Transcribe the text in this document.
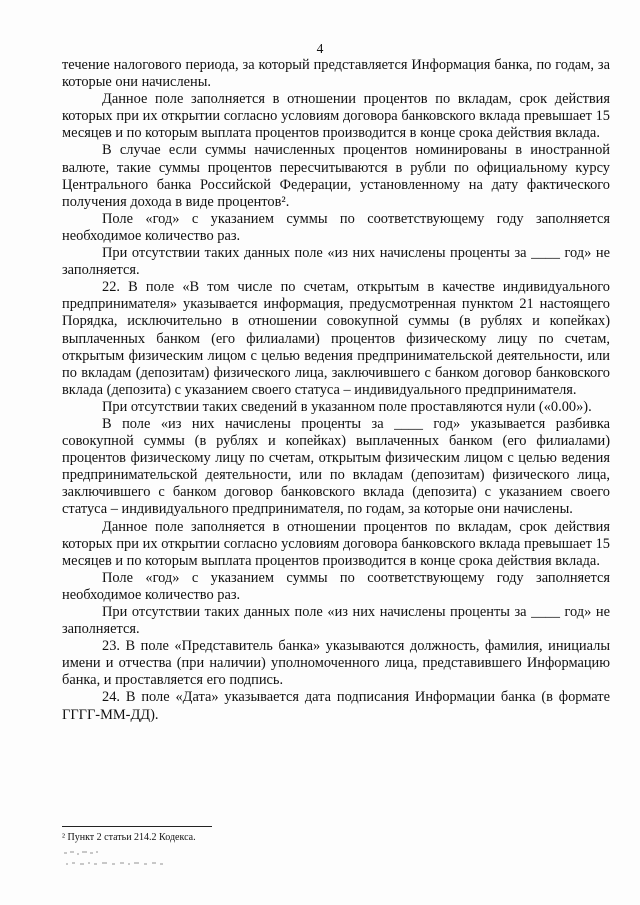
4

течение налогового периода, за который представляется Информация банка, по годам, за которые они начислены.

Данное поле заполняется в отношении процентов по вкладам, срок действия которых при их открытии согласно условиям договора банковского вклада превышает 15 месяцев и по которым выплата процентов производится в конце срока действия вклада.

В случае если суммы начисленных процентов номинированы в иностранной валюте, такие суммы процентов пересчитываются в рубли по официальному курсу Центрального банка Российской Федерации, установленному на дату фактического получения дохода в виде процентов².

Поле «год» с указанием суммы по соответствующему году заполняется необходимое количество раз.

При отсутствии таких данных поле «из них начислены проценты за ____ год» не заполняется.

22. В поле «В том числе по счетам, открытым в качестве индивидуального предпринимателя» указывается информация, предусмотренная пунктом 21 настоящего Порядка, исключительно в отношении совокупной суммы (в рублях и копейках) выплаченных банком (его филиалами) процентов физическому лицу по счетам, открытым физическим лицом с целью ведения предпринимательской деятельности, или по вкладам (депозитам) физического лица, заключившего с банком договор банковского вклада (депозита) с указанием своего статуса – индивидуального предпринимателя.

При отсутствии таких сведений в указанном поле проставляются нули («0.00»).

В поле «из них начислены проценты за ____ год» указывается разбивка совокупной суммы (в рублях и копейках) выплаченных банком (его филиалами) процентов физическому лицу по счетам, открытым физическим лицом с целью ведения предпринимательской деятельности, или по вкладам (депозитам) физического лица, заключившего с банком договор банковского вклада (депозита) с указанием своего статуса – индивидуального предпринимателя, по годам, за которые они начислены.

Данное поле заполняется в отношении процентов по вкладам, срок действия которых при их открытии согласно условиям договора банковского вклада превышает 15 месяцев и по которым выплата процентов производится в конце срока действия вклада.

Поле «год» с указанием суммы по соответствующему году заполняется необходимое количество раз.

При отсутствии таких данных поле «из них начислены проценты за ____ год» не заполняется.

23. В поле «Представитель банка» указываются должность, фамилия, инициалы имени и отчества (при наличии) уполномоченного лица, представившего Информацию банка, и проставляется его подпись.

24. В поле «Дата» указывается дата подписания Информации банка (в формате ГГГГ-ММ-ДД).

² Пункт 2 статьи 214.2 Кодекса.
